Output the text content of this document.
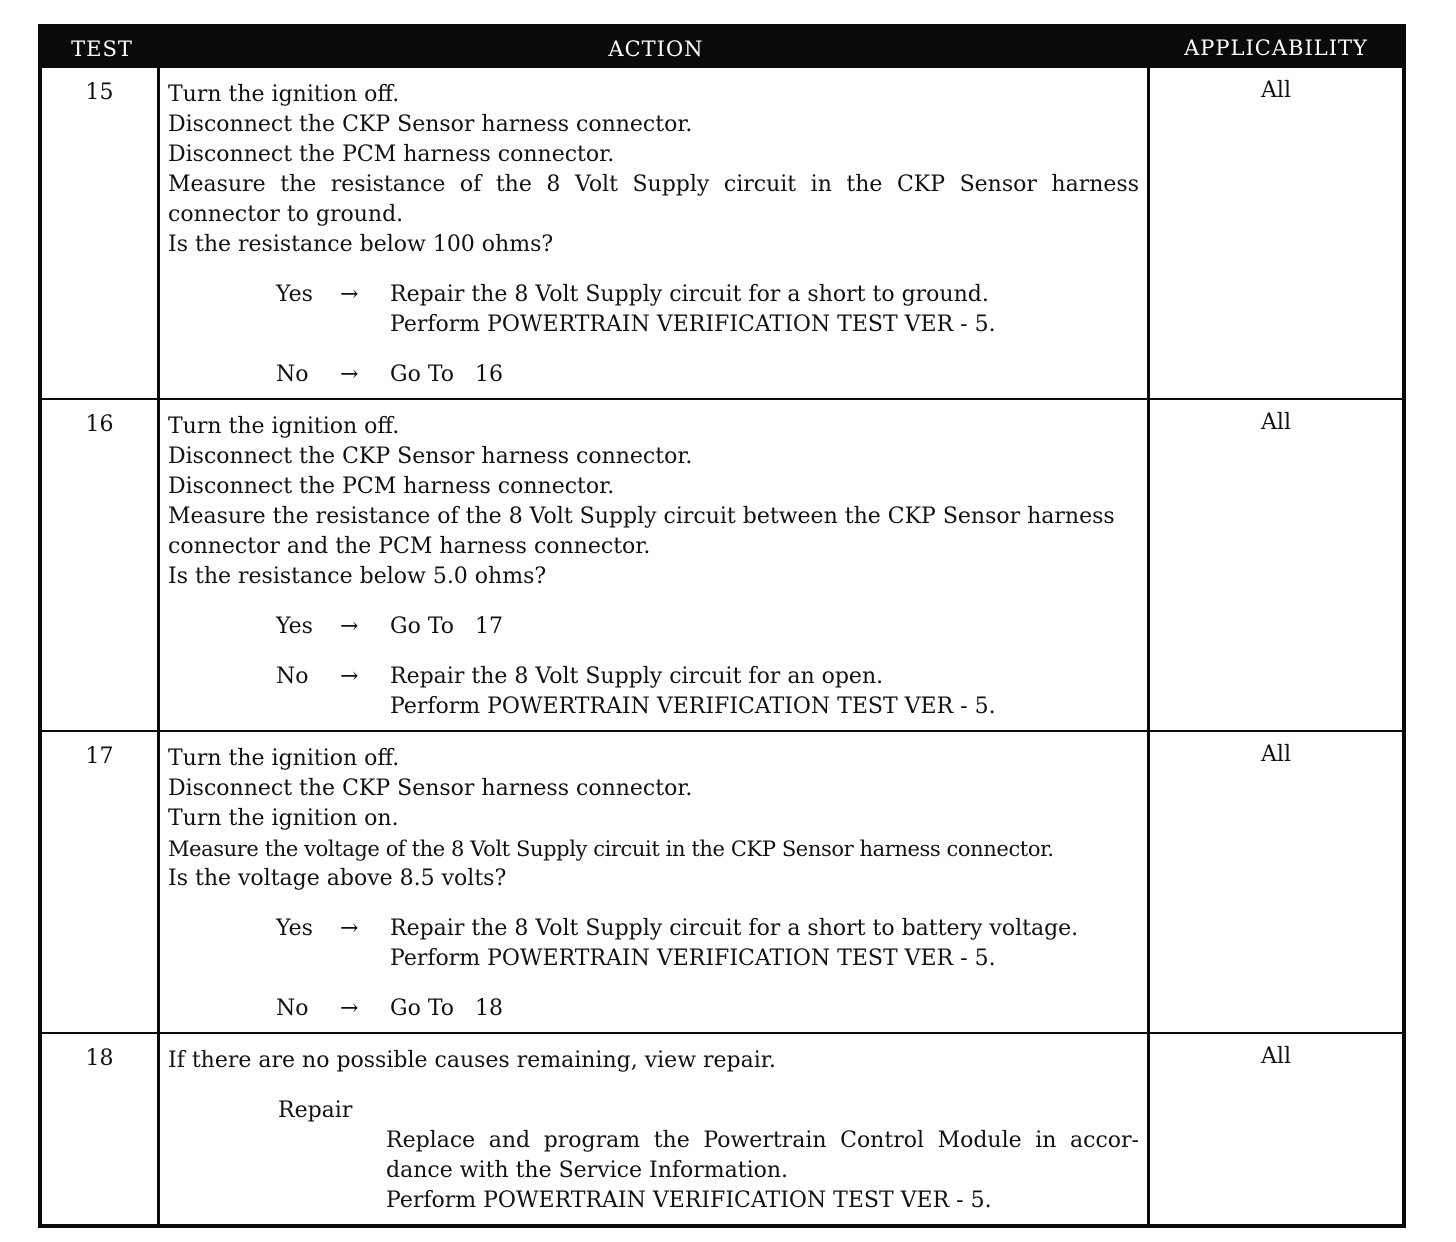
TEST	ACTION	APPLICABILITY
15	Turn the ignition off.
Disconnect the CKP Sensor harness connector.
Disconnect the PCM harness connector.
Measure the resistance of the 8 Volt Supply circuit in the CKP Sensor harness
connector to ground.
Is the resistance below 100 ohms?
Yes	→	Repair the 8 Volt Supply circuit for a short to ground.
Perform POWERTRAIN VERIFICATION TEST VER - 5.
No	→	Go To   16
All
16	Turn the ignition off.
Disconnect the CKP Sensor harness connector.
Disconnect the PCM harness connector.
Measure the resistance of the 8 Volt Supply circuit between the CKP Sensor harness
connector and the PCM harness connector.
Is the resistance below 5.0 ohms?
Yes	→	Go To   17
No	→	Repair the 8 Volt Supply circuit for an open.
Perform POWERTRAIN VERIFICATION TEST VER - 5.
All
17	Turn the ignition off.
Disconnect the CKP Sensor harness connector.
Turn the ignition on.
Measure the voltage of the 8 Volt Supply circuit in the CKP Sensor harness connector.
Is the voltage above 8.5 volts?
Yes	→	Repair the 8 Volt Supply circuit for a short to battery voltage.
Perform POWERTRAIN VERIFICATION TEST VER - 5.
No	→	Go To   18
All
18	If there are no possible causes remaining, view repair.
Repair
Replace and program the Powertrain Control Module in accor-
dance with the Service Information.
Perform POWERTRAIN VERIFICATION TEST VER - 5.
All
